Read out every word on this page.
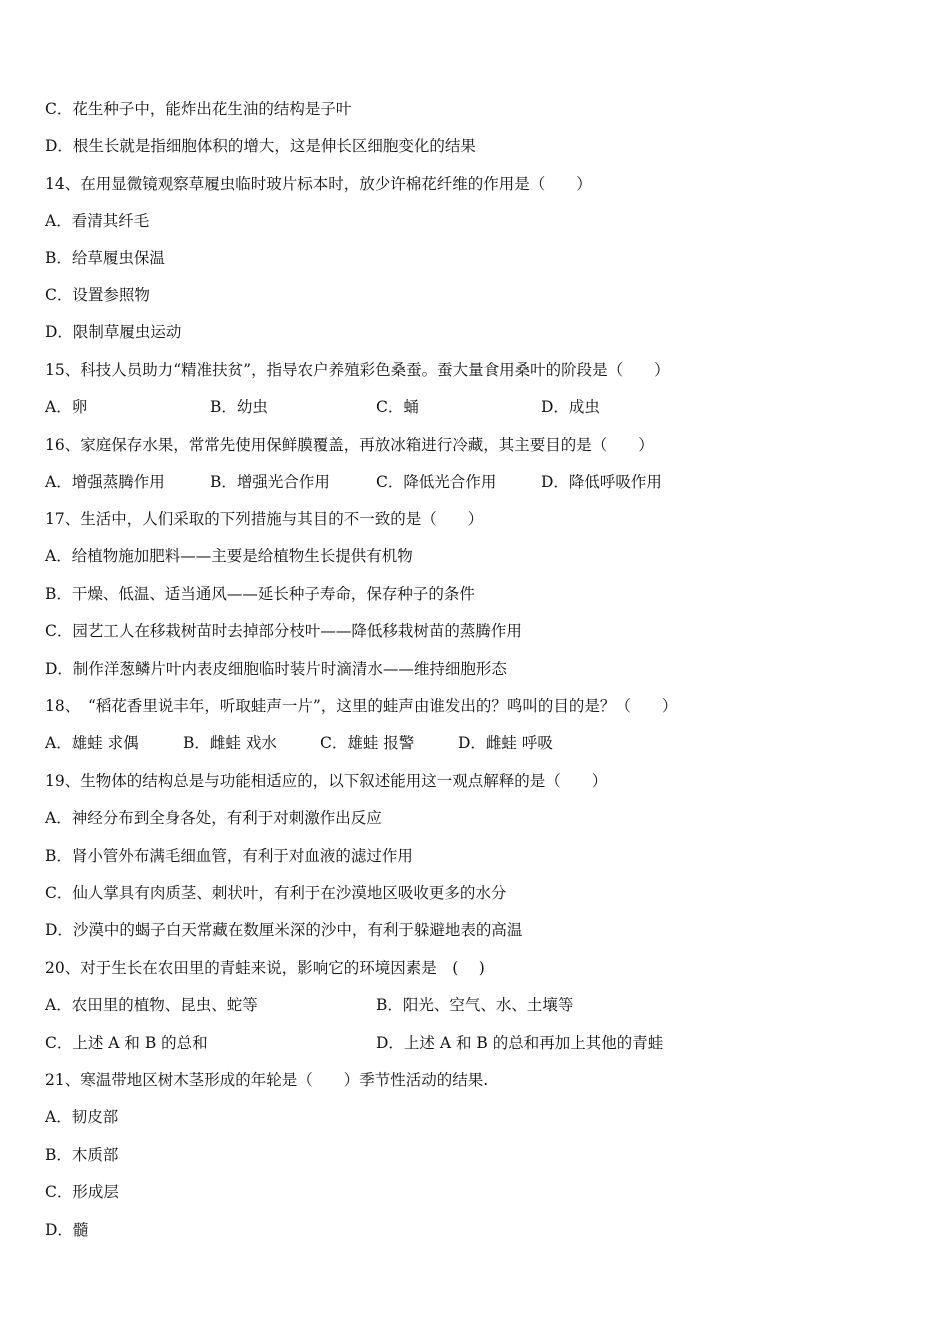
C．花生种子中，能炸出花生油的结构是子叶
D．根生长就是指细胞体积的增大，这是伸长区细胞变化的结果
14、在用显微镜观察草履虫临时玻片标本时，放少许棉花纤维的作用是（　　）
A．看清其纤毛
B．给草履虫保温
C．设置参照物
D．限制草履虫运动
15、科技人员助力“精准扶贫”，指导农户养殖彩色桑蚕。蚕大量食用桑叶的阶段是（　　）
A．卵	B．幼虫	C．蛹	D．成虫
16、家庭保存水果，常常先使用保鲜膜覆盖，再放冰箱进行冷藏，其主要目的是（　　）
A．增强蒸腾作用	B．增强光合作用	C．降低光合作用	D．降低呼吸作用
17、生活中，人们采取的下列措施与其目的不一致的是（　　）
A．给植物施加肥料——主要是给植物生长提供有机物
B．干燥、低温、适当通风——延长种子寿命，保存种子的条件
C．园艺工人在移栽树苗时去掉部分枝叶——降低移栽树苗的蒸腾作用
D．制作洋葱鳞片叶内表皮细胞临时装片时滴清水——维持细胞形态
18、　“稻花香里说丰年，听取蛙声一片”，这里的蛙声由谁发出的？鸣叫的目的是？（　　）
A．雄蛙 求偶	B．雌蛙 戏水	C．雄蛙 报警	D．雌蛙 呼吸
19、生物体的结构总是与功能相适应的，以下叙述能用这一观点解释的是（　　）
A．神经分布到全身各处，有利于对刺激作出反应
B．肾小管外布满毛细血管，有利于对血液的滤过作用
C．仙人掌具有肉质茎、刺状叶，有利于在沙漠地区吸收更多的水分
D．沙漠中的蝎子白天常藏在数厘米深的沙中，有利于躲避地表的高温
20、对于生长在农田里的青蛙来说，影响它的环境因素是　(　 )
A．农田里的植物、昆虫、蛇等	B．阳光、空气、水、土壤等
C．上述 A 和 B 的总和	D．上述 A 和 B 的总和再加上其他的青蛙
21、寒温带地区树木茎形成的年轮是（　　）季节性活动的结果.
A．韧皮部
B．木质部
C．形成层
D．髓
